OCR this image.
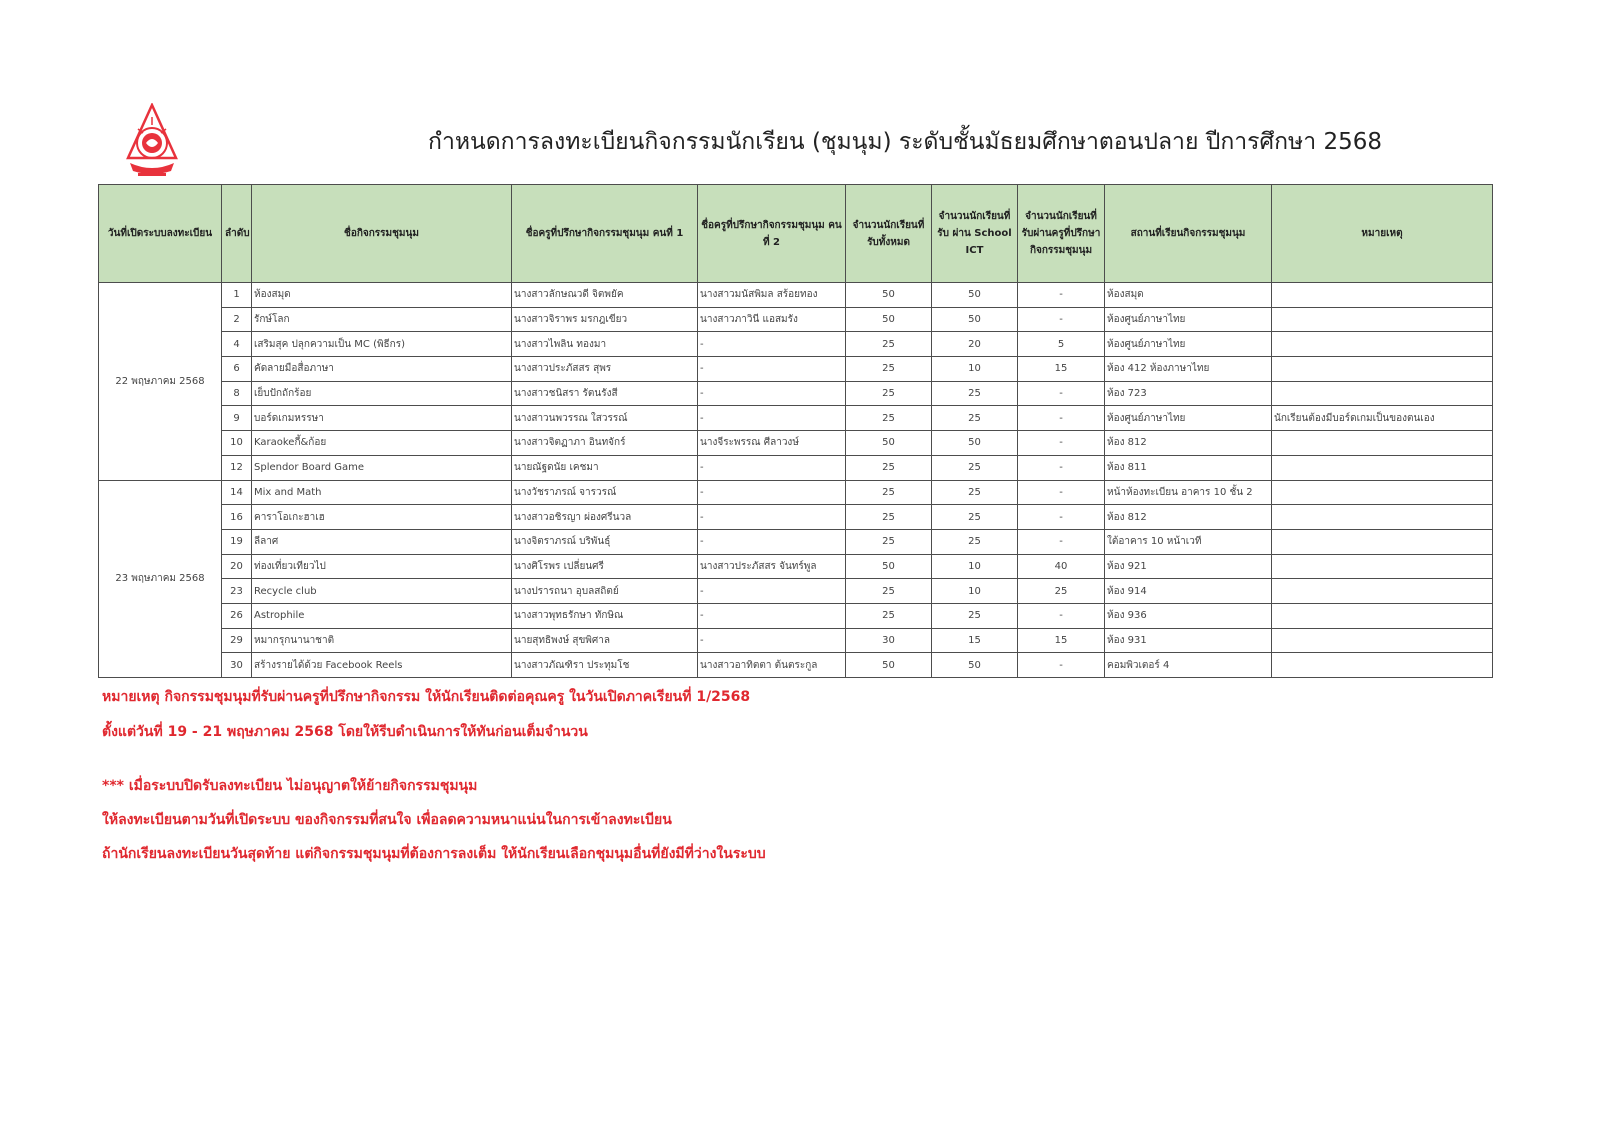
กำหนดการลงทะเบียนกิจกรรมนักเรียน (ชุมนุม) ระดับชั้นมัธยมศึกษาตอนปลาย ปีการศึกษา 2568
วันที่เปิดระบบลงทะเบียน	ลำดับ	ชื่อกิจกรรมชุมนุม	ชื่อครูที่ปรึกษากิจกรรมชุมนุม คนที่ 1	ชื่อครูที่ปรึกษากิจกรรมชุมนุม คนที่ 2	จำนวนนักเรียนที่รับทั้งหมด	จำนวนนักเรียนที่รับ ผ่าน School ICT	จำนวนนักเรียนที่รับผ่านครูที่ปรึกษากิจกรรมชุมนุม	สถานที่เรียนกิจกรรมชุมนุม	หมายเหตุ
22 พฤษภาคม 2568	1	ห้องสมุด	นางสาวลักษณวดี จิตพยัค	นางสาวมนัสพิมล สร้อยทอง	50	50	-	ห้องสมุด	
	2	รักษ์โลก	นางสาวจิราพร มรกฎเขียว	นางสาวภาวินี แอสมรัง	50	50	-	ห้องศูนย์ภาษาไทย	
	4	เสริมสุค ปลุกความเป็น MC (พิธีกร)	นางสาวไพลิน ทองมา	-	25	20	5	ห้องศูนย์ภาษาไทย	
	6	คัดลายมือสื่อภาษา	นางสาวประภัสสร สุพร	-	25	10	15	ห้อง 412 ห้องภาษาไทย	
	8	เย็บปักถักร้อย	นางสาวชนิสรา รัตนรังสี	-	25	25	-	ห้อง 723	
	9	บอร์ดเกมหรรษา	นางสาวนพวรรณ ใสวรรณ์	-	25	25	-	ห้องศูนย์ภาษาไทย	นักเรียนต้องมีบอร์ดเกมเป็นของตนเอง
	10	Karaokeกี้&ก้อย	นางสาวจิตฏาภา อินทจักร์	นางจีระพรรณ ศีลาวงษ์	50	50	-	ห้อง 812	
	12	Splendor Board Game	นายณัฐดนัย เคชมา	-	25	25	-	ห้อง 811	
23 พฤษภาคม 2568	14	Mix and Math	นางวัชราภรณ์ จารวรณ์	-	25	25	-	หน้าห้องทะเบียน อาคาร 10 ชั้น 2	
	16	คาราโอเกะฮาเฮ	นางสาวอชิรญา ผ่องศรีนวล	-	25	25	-	ห้อง 812	
	19	ลีลาศ	นางจิตราภรณ์ บริพันธุ์	-	25	25	-	ใต้อาคาร 10 หน้าเวที	
	20	ท่องเที่ยวเทียวไป	นางศิโรพร เปลี่ยนศรี	นางสาวประภัสสร จันทร์พูล	50	10	40	ห้อง 921	
	23	Recycle club	นางปรารถนา อุบลสถิตย์	-	25	10	25	ห้อง 914	
	26	Astrophile	นางสาวพุทธรักษา ทักษิณ	-	25	25	-	ห้อง 936	
	29	หมากรุกนานาชาติ	นายสุทธิพงษ์ สุขพิศาล	-	30	15	15	ห้อง 931	
	30	สร้างรายได้ด้วย Facebook Reels	นางสาวภัณฑิรา ประทุมโช	นางสาวอาทิตตา ต้นตระกูล	50	50	-	คอมพิวเตอร์ 4	

หมายเหตุ กิจกรรมชุมนุมที่รับผ่านครูที่ปรึกษากิจกรรม ให้นักเรียนติดต่อคุณครู ในวันเปิดภาคเรียนที่ 1/2568

ตั้งแต่วันที่ 19 - 21 พฤษภาคม 2568 โดยให้รีบดำเนินการให้ทันก่อนเต็มจำนวน

*** เมื่อระบบปิดรับลงทะเบียน ไม่อนุญาตให้ย้ายกิจกรรมชุมนุม

ให้ลงทะเบียนตามวันที่เปิดระบบ ของกิจกรรมที่สนใจ เพื่อลดความหนาแน่นในการเข้าลงทะเบียน

ถ้านักเรียนลงทะเบียนวันสุดท้าย แต่กิจกรรมชุมนุมที่ต้องการลงเต็ม ให้นักเรียนเลือกชุมนุมอื่นที่ยังมีที่ว่างในระบบ
